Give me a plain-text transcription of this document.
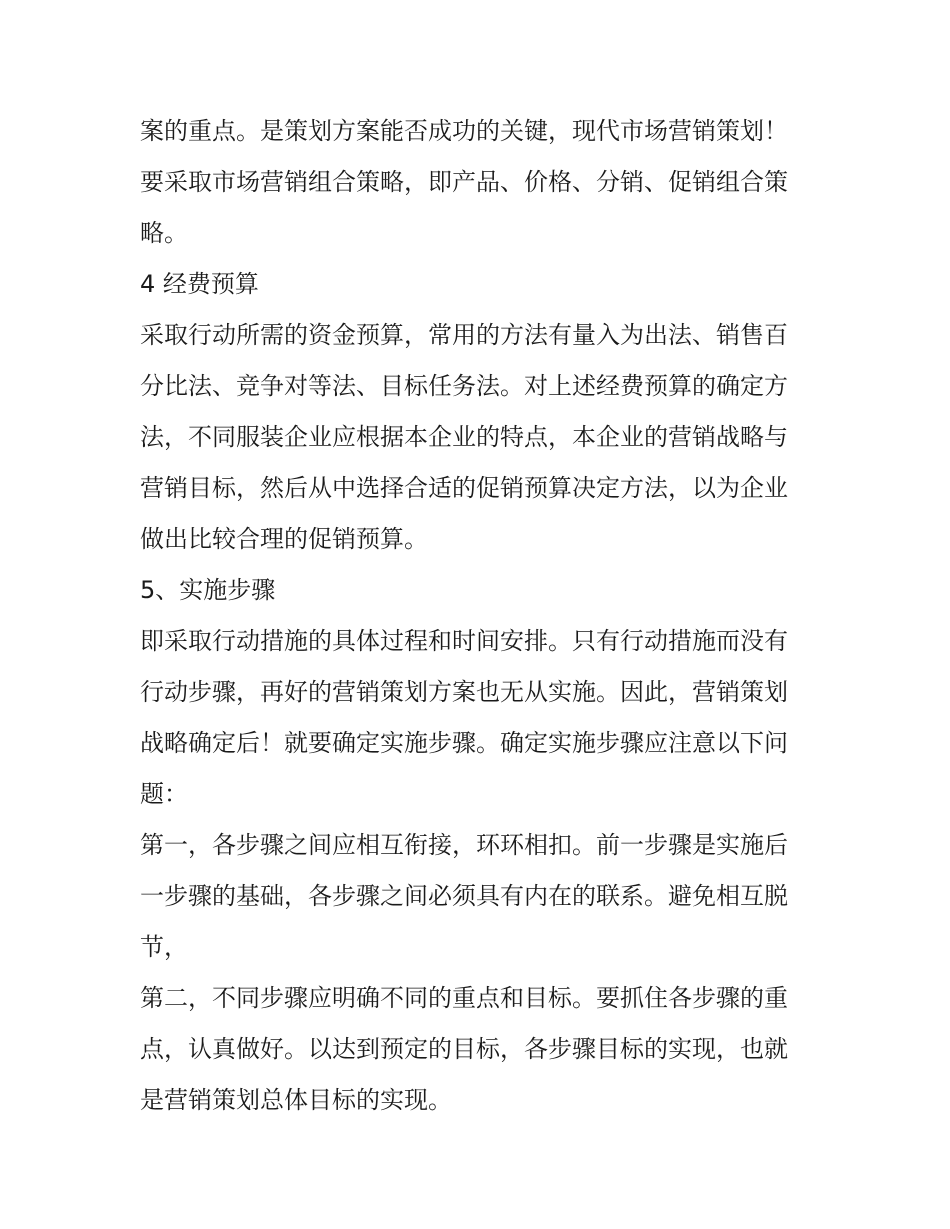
案的重点。是策划方案能否成功的关键，现代市场营销策划！
要采取市场营销组合策略，即产品、价格、分销、促销组合策
略。
4 经费预算
采取行动所需的资金预算，常用的方法有量入为出法、销售百
分比法、竞争对等法、目标任务法。对上述经费预算的确定方
法，不同服装企业应根据本企业的特点，本企业的营销战略与
营销目标，然后从中选择合适的促销预算决定方法，以为企业
做出比较合理的促销预算。
5、实施步骤
即采取行动措施的具体过程和时间安排。只有行动措施而没有
行动步骤，再好的营销策划方案也无从实施。因此，营销策划
战略确定后！就要确定实施步骤。确定实施步骤应注意以下问
题：
第一，各步骤之间应相互衔接，环环相扣。前一步骤是实施后
一步骤的基础，各步骤之间必须具有内在的联系。避免相互脱
节，
第二，不同步骤应明确不同的重点和目标。要抓住各步骤的重
点，认真做好。以达到预定的目标，各步骤目标的实现，也就
是营销策划总体目标的实现。
